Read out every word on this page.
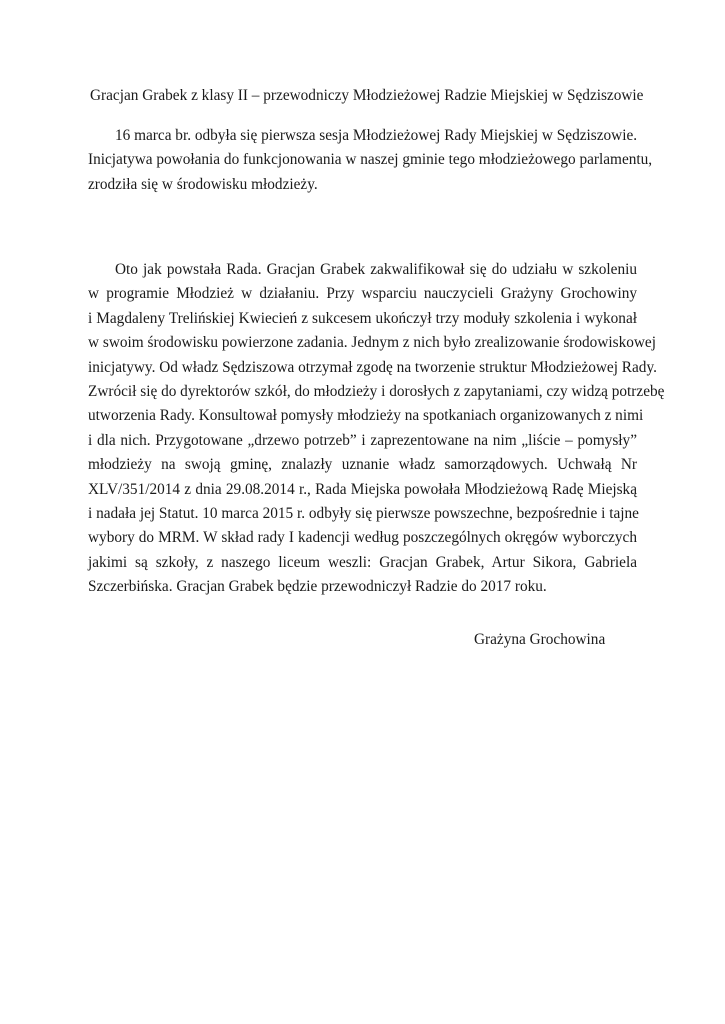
Gracjan Grabek z klasy II – przewodniczy Młodzieżowej Radzie Miejskiej w Sędziszowie
16 marca br. odbyła się pierwsza sesja Młodzieżowej Rady Miejskiej w Sędziszowie.
Inicjatywa powołania do funkcjonowania w naszej gminie tego młodzieżowego parlamentu,
zrodziła się w środowisku młodzieży.
Oto jak powstała Rada. Gracjan Grabek zakwalifikował się do udziału w szkoleniu
w programie Młodzież w działaniu. Przy wsparciu nauczycieli Grażyny Grochowiny
i Magdaleny Trelińskiej Kwiecień z sukcesem ukończył trzy moduły szkolenia i wykonał
w swoim środowisku powierzone zadania. Jednym z nich było zrealizowanie środowiskowej
inicjatywy. Od władz Sędziszowa otrzymał zgodę na tworzenie struktur Młodzieżowej Rady.
Zwrócił się do dyrektorów szkół, do młodzieży i dorosłych z zapytaniami, czy widzą potrzebę
utworzenia Rady. Konsultował pomysły młodzieży na spotkaniach organizowanych z nimi
i dla nich. Przygotowane „drzewo potrzeb” i zaprezentowane na nim „liście – pomysły”
młodzieży na swoją gminę, znalazły uznanie władz samorządowych. Uchwałą Nr
XLV/351/2014 z dnia 29.08.2014 r., Rada Miejska powołała Młodzieżową Radę Miejską
i nadała jej Statut. 10 marca 2015 r. odbyły się pierwsze powszechne, bezpośrednie i tajne
wybory do MRM. W skład rady I kadencji według poszczególnych okręgów wyborczych
jakimi są szkoły, z naszego liceum weszli: Gracjan Grabek, Artur Sikora, Gabriela
Szczerbińska. Gracjan Grabek będzie przewodniczył Radzie do 2017 roku.
Grażyna Grochowina
